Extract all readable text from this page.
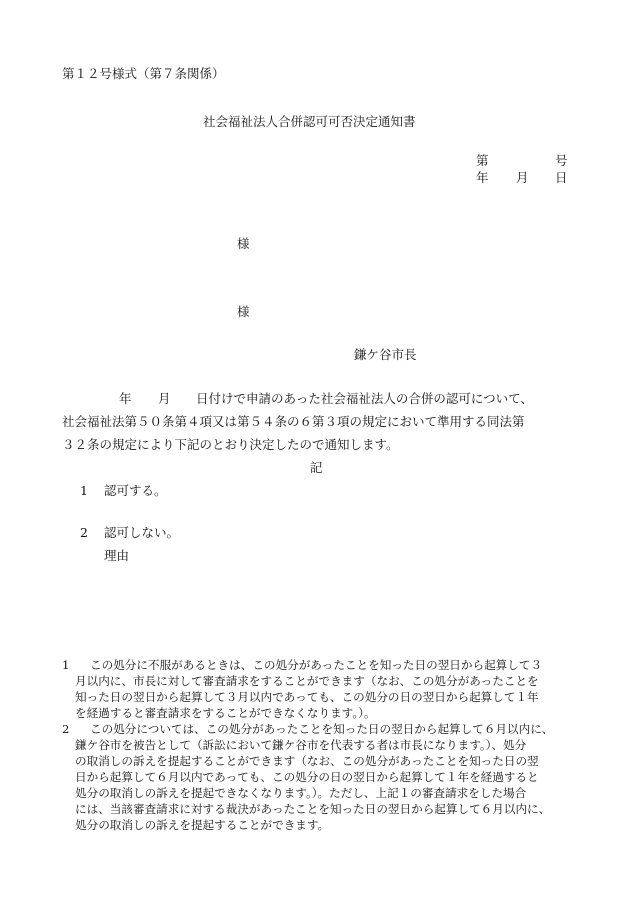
第１２号様式（第７条関係）
社会福祉法人合併認可可否決定通知書
第	号
年 月 日
様
様
鎌ケ谷市長
年 月 日付けで申請のあった社会福祉法人の合併の認可について、
社会福祉法第５０条第４項又は第５４条の６第３項の規定において準用する同法第
３２条の規定により下記のとおり決定したので通知します。
記
1 認可する。
2 認可しない。
理由
1 この処分に不服があるときは、この処分があったことを知った日の翌日から起算して３
月以内に、市長に対して審査請求をすることができます（なお、この処分があったことを
知った日の翌日から起算して３月以内であっても、この処分の日の翌日から起算して１年
を経過すると審査請求をすることができなくなります。）。
2 この処分については、この処分があったことを知った日の翌日から起算して６月以内に、
鎌ケ谷市を被告として（訴訟において鎌ケ谷市を代表する者は市長になります。）、処分
の取消しの訴えを提起することができます（なお、この処分があったことを知った日の翌
日から起算して６月以内であっても、この処分の日の翌日から起算して１年を経過すると
処分の取消しの訴えを提起できなくなります。）。ただし、上記１の審査請求をした場合
には、当該審査請求に対する裁決があったことを知った日の翌日から起算して６月以内に、
処分の取消しの訴えを提起することができます。
